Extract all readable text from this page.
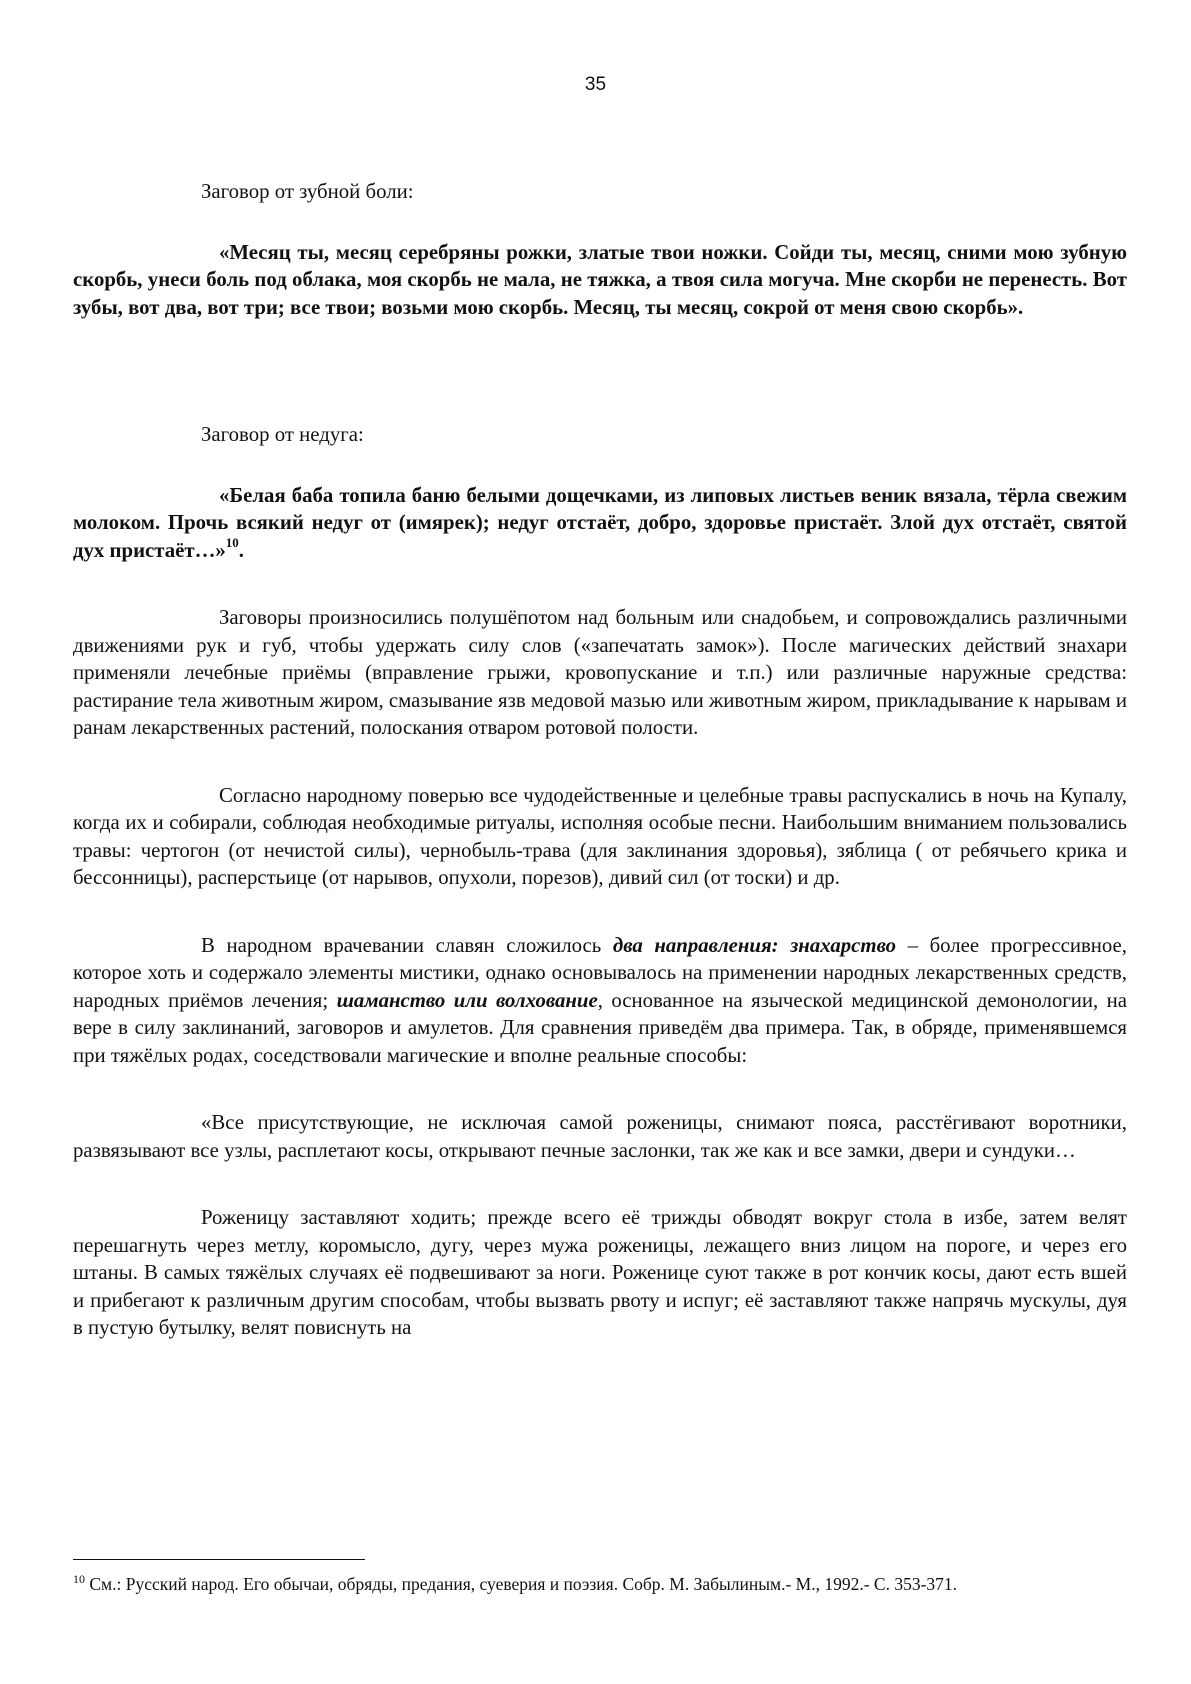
35

Заговор от зубной боли:

«Месяц ты, месяц серебряны рожки, златые твои ножки. Сойди ты, месяц, сними мою зубную скорбь, унеси боль под облака, моя скорбь не мала, не тяжка, а твоя сила могуча. Мне скорби не перенесть. Вот зубы, вот два, вот три; все твои; возьми мою скорбь. Месяц, ты месяц, сокрой от меня свою скорбь».

Заговор от недуга:

«Белая баба топила баню белыми дощечками, из липовых листьев веник вязала, тёрла свежим молоком. Прочь всякий недуг от (имярек); недуг отстаёт, добро, здоровье пристаёт. Злой дух отстаёт, святой дух пристаёт…»$^{10}$.

Заговоры произносились полушёпотом над больным или снадобьем, и сопровождались различными движениями рук и губ, чтобы удержать силу слов («запечатать замок»). После магических действий знахари применяли лечебные приёмы (вправление грыжи, кровопускание и т.п.) или различные наружные средства: растирание тела животным жиром, смазывание язв медовой мазью или животным жиром, прикладывание к нарывам и ранам лекарственных растений, полоскания отваром ротовой полости.

Согласно народному поверью все чудодейственные и целебные травы распускались в ночь на Купалу, когда их и собирали, соблюдая необходимые ритуалы, исполняя особые песни. Наибольшим вниманием пользовались травы: чертогон (от нечистой силы), чернобыль-трава (для заклинания здоровья), зяблица ( от ребячьего крика и бессонницы), расперстьице (от нарывов, опухоли, порезов), дивий сил (от тоски) и др.

В народном врачевании славян сложилось два направления: знахарство – более прогрессивное, которое хоть и содержало элементы мистики, однако основывалось на применении народных лекарственных средств, народных приёмов лечения; шаманство или волхование, основанное на языческой медицинской демонологии, на вере в силу заклинаний, заговоров и амулетов. Для сравнения приведём два примера. Так, в обряде, применявшемся при тяжёлых родах, соседствовали магические и вполне реальные способы:

«Все присутствующие, не исключая самой роженицы, снимают пояса, расстёгивают воротники, развязывают все узлы, расплетают косы, открывают печные заслонки, так же как и все замки, двери и сундуки…

Роженицу заставляют ходить; прежде всего её трижды обводят вокруг стола в избе, затем велят перешагнуть через метлу, коромысло, дугу, через мужа роженицы, лежащего вниз лицом на пороге, и через его штаны. В самых тяжёлых случаях её подвешивают за ноги. Роженице суют также в рот кончик косы, дают есть вшей и прибегают к различным другим способам, чтобы вызвать рвоту и испуг; её заставляют также напрячь мускулы, дуя в пустую бутылку, велят повиснуть на

$^{10}$ См.: Русский народ. Его обычаи, обряды, предания, суеверия и поэзия. Собр. М. Забылиным.- М., 1992.- С. 353-371.
